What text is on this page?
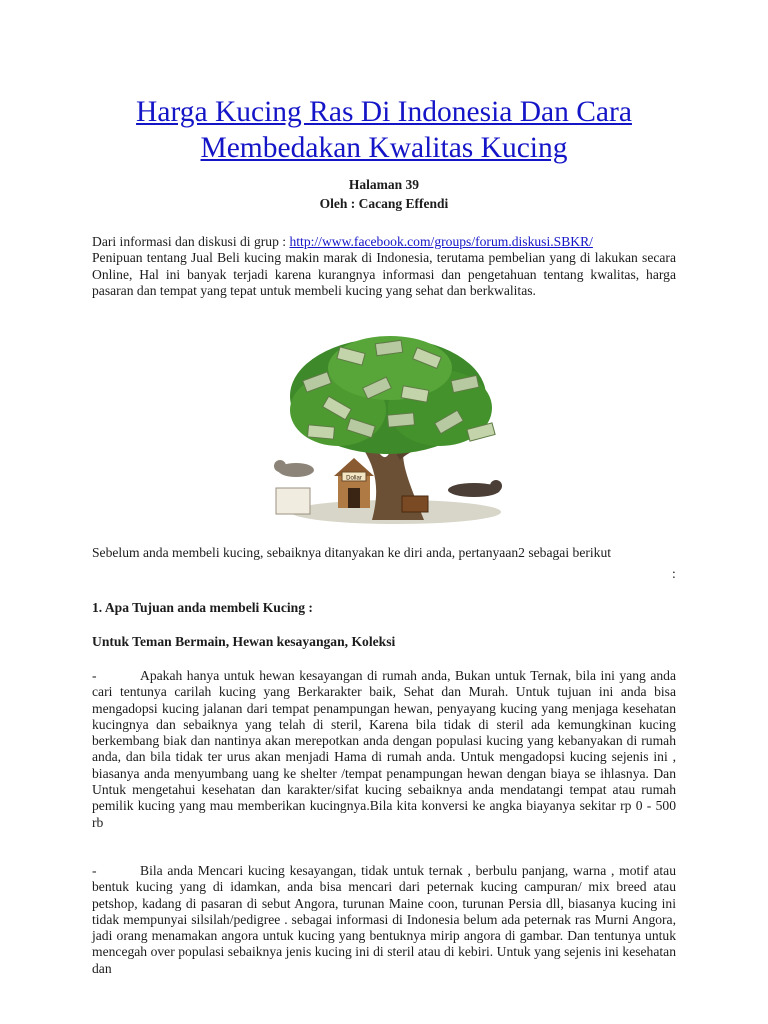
Harga Kucing Ras Di Indonesia Dan Cara
Membedakan Kwalitas Kucing
Halaman 39
Oleh : Cacang Effendi

Dari informasi dan diskusi di grup : http://www.facebook.com/groups/forum.diskusi.SBKR/
Penipuan tentang Jual Beli kucing makin marak di Indonesia, terutama pembelian yang di lakukan secara Online, Hal ini banyak terjadi karena kurangnya informasi dan pengetahuan tentang kwalitas, harga pasaran dan tempat yang tepat untuk membeli kucing yang sehat dan berkwalitas.

Dollar

Sebelum anda membeli kucing, sebaiknya ditanyakan ke diri anda, pertanyaan2 sebagai berikut

:
1. Apa Tujuan anda membeli Kucing :
Untuk Teman Bermain, Hewan kesayangan, Koleksi

-	Apakah hanya untuk hewan kesayangan di rumah anda, Bukan untuk Ternak, bila ini yang anda cari tentunya carilah kucing yang Berkarakter baik, Sehat dan Murah. Untuk tujuan ini anda bisa mengadopsi kucing jalanan dari tempat penampungan hewan, penyayang kucing yang menjaga kesehatan kucingnya dan sebaiknya yang telah di steril, Karena bila tidak di steril ada kemungkinan kucing berkembang biak dan nantinya akan merepotkan anda dengan populasi kucing yang kebanyakan di rumah anda, dan bila tidak ter urus akan menjadi Hama di rumah anda. Untuk mengadopsi kucing sejenis ini , biasanya anda menyumbang uang ke shelter /tempat penampungan hewan dengan biaya se ihlasnya. Dan Untuk mengetahui kesehatan dan karakter/sifat kucing sebaiknya anda mendatangi tempat atau rumah pemilik kucing yang mau memberikan kucingnya.Bila kita konversi ke angka biayanya sekitar rp 0 - 500 rb

-	Bila anda Mencari kucing kesayangan, tidak untuk ternak , berbulu panjang, warna , motif atau bentuk kucing yang di idamkan, anda bisa mencari dari peternak kucing campuran/ mix breed atau petshop, kadang di pasaran di sebut Angora, turunan Maine coon, turunan Persia dll, biasanya kucing ini tidak mempunyai silsilah/pedigree . sebagai informasi di Indonesia belum ada peternak ras Murni Angora, jadi orang menamakan angora untuk kucing yang bentuknya mirip angora di gambar. Dan tentunya untuk mencegah over populasi sebaiknya jenis kucing ini di steril atau di kebiri. Untuk yang sejenis ini kesehatan dan
